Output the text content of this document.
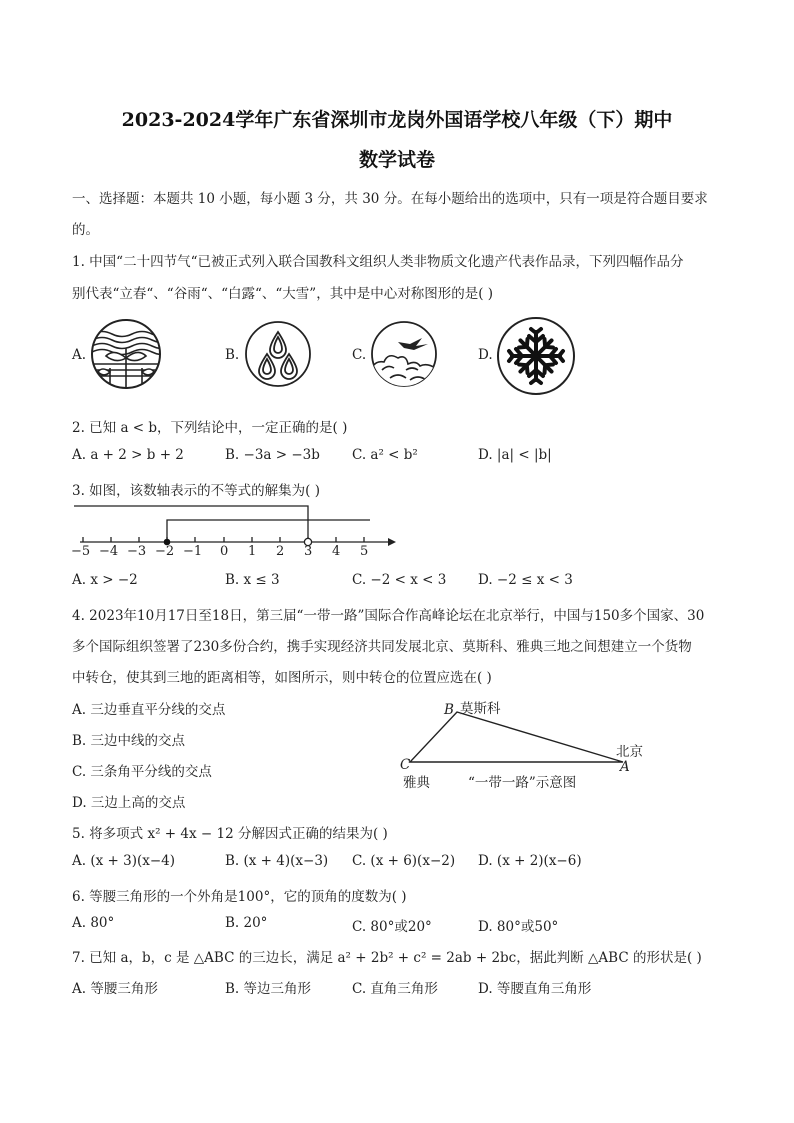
2023-2024学年广东省深圳市龙岗外国语学校八年级（下）期中
数学试卷
一、选择题：本题共 10 小题，每小题 3 分，共 30 分。在每小题给出的选项中，只有一项是符合题目要求
的。
1. 中国“二十四节气“已被正式列入联合国教科文组织人类非物质文化遗产代表作品录，下列四幅作品分
别代表“立春“、“谷雨“、“白露“、“大雪”，其中是中心对称图形的是( )
A.	B.	C.	D.
2. 已知 a < b，下列结论中，一定正确的是( )
A. a + 2 > b + 2	B. −3a > −3b C. a² < b²	D. |a| < |b|
3. 如图，该数轴表示的不等式的解集为( )
−5 −4 −3 −2 −1 0 1 2 3 4 5
A. x > −2	B. x ≤ 3	C. −2 < x < 3 D. −2 ≤ x < 3
4. 2023年10月17日至18日，第三届“一带一路”国际合作高峰论坛在北京举行，中国与150多个国家、30
多个国际组织签署了230多份合约，携手实现经济共同发展北京、莫斯科、雅典三地之间想建立一个货物
中转仓，使其到三地的距离相等，如图所示，则中转仓的位置应选在( )
A. 三边垂直平分线的交点
B. 三边中线的交点
C. 三条角平分线的交点
D. 三边上高的交点
B 莫斯科
北京
A
C
雅典	“一带一路”示意图
5. 将多项式 x² + 4x − 12 分解因式正确的结果为( )
A. (x + 3)(x−4)	B. (x + 4)(x−3) C. (x + 6)(x−2) D. (x + 2)(x−6)
6. 等腰三角形的一个外角是100°，它的顶角的度数为( )
A. 80°	B. 20°	C. 80°或20°	D. 80°或50°
7. 已知 a，b，c 是 △ABC 的三边长，满足 a² + 2b² + c² = 2ab + 2bc，据此判断 △ABC 的形状是( )
A. 等腰三角形	B. 等边三角形	C. 直角三角形	D. 等腰直角三角形
